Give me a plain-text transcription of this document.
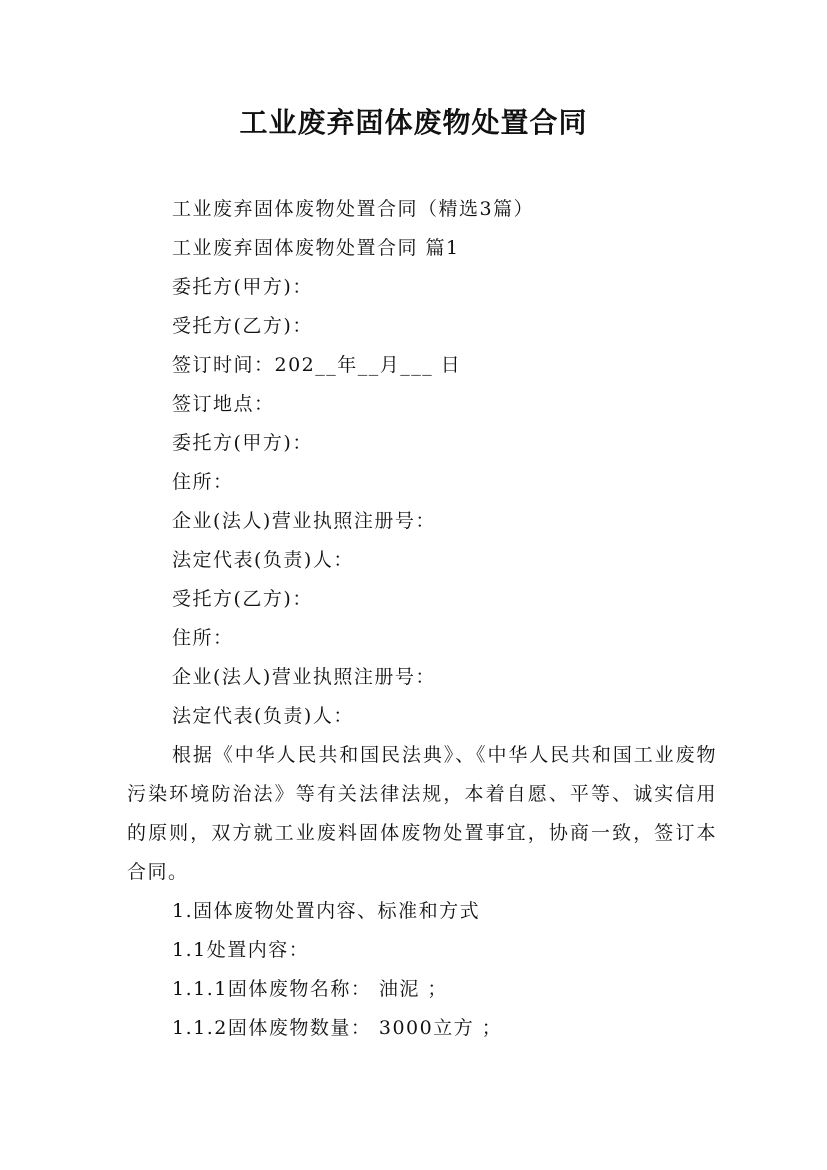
工业废弃固体废物处置合同
工业废弃固体废物处置合同（精选3篇）
工业废弃固体废物处置合同 篇1
委托方(甲方)：
受托方(乙方)：
签订时间：202__年__月___ 日
签订地点：
委托方(甲方)：
住所：
企业(法人)营业执照注册号：
法定代表(负责)人：
受托方(乙方)：
住所：
企业(法人)营业执照注册号：
法定代表(负责)人：

根据《中华人民共和国民法典》、《中华人民共和国工业废物污染环境防治法》等有关法律法规，本着自愿、平等、诚实信用的原则，双方就工业废料固体废物处置事宜，协商一致，签订本合同。

1.固体废物处置内容、标准和方式
1.1处置内容：
1.1.1固体废物名称： 油泥 ；
1.1.2固体废物数量： 3000立方 ；
